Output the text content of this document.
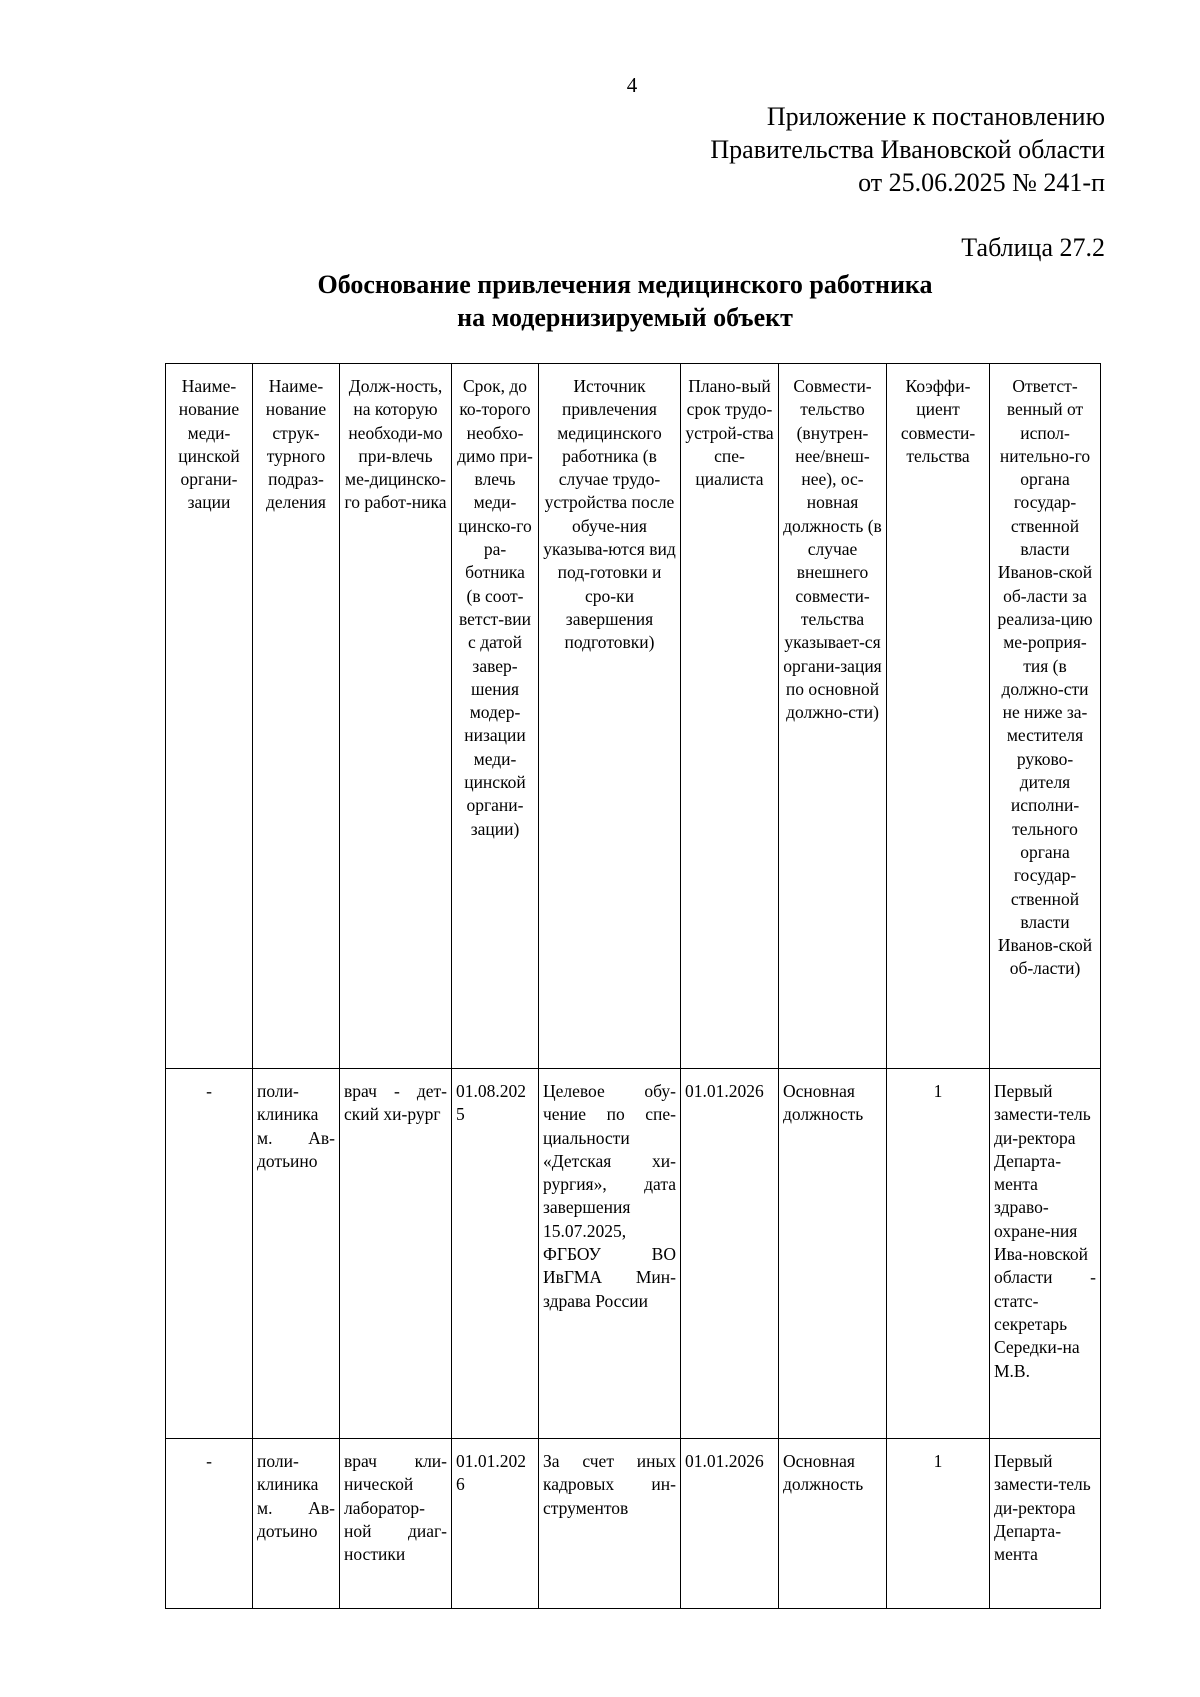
4
Приложение к постановлению
Правительства Ивановской области
от 25.06.2025 № 241-п
Таблица 27.2
Обоснование привлечения медицинского работника
на модернизируемый объект
Наиме-нование меди-цинской органи-зации	Наиме-нование струк-турного подраз-деления	Долж-ность, на которую необходи-мо при-влечь ме-дицинско-го работ-ника	Срок, до ко-торого необхо-димо при-влечь меди-цинско-го ра-ботника (в соот-ветст-вии с датой завер-шения модер-низации меди-цинской органи-зации)	Источник привлечения медицинского работника (в случае трудо-устройства после обуче-ния указыва-ются вид под-готовки и сро-ки завершения подготовки)	Плано-вый срок трудо-устрой-ства спе-циалиста	Совмести-тельство (внутрен-нее/внеш-нее), ос-новная должность (в случае внешнего совмести-тельства указывает-ся органи-зация по основной должно-сти)	Коэффи-циент совмести-тельства	Ответст-венный от испол-нительно-го органа государ-ственной власти Иванов-ской об-ласти за реализа-цию ме-роприя-тия (в должно-сти не ниже за-местителя руково-дителя исполни-тельного органа государ-ственной власти Иванов-ской об-ласти)
-	поли-клиника м. Ав-дотьино	врач - дет-ский хи-рург	01.08.2025	Целевое обу-чение по спе-циальности «Детская хи-рургия», дата завершения 15.07.2025, ФГБОУ ВО ИвГМА Мин-здрава России	01.01.2026	Основная должность	1	Первый замести-тель ди-ректора Департа-мента здраво-охране-ния Ива-новской области - статс-секретарь Середки-на М.В.
-	поли-клиника м. Ав-дотьино	врач кли-нической лаборатор-ной диаг-ностики	01.01.2026	За счет иных кадровых ин-струментов	01.01.2026	Основная должность	1	Первый замести-тель ди-ректора Департа-мента
